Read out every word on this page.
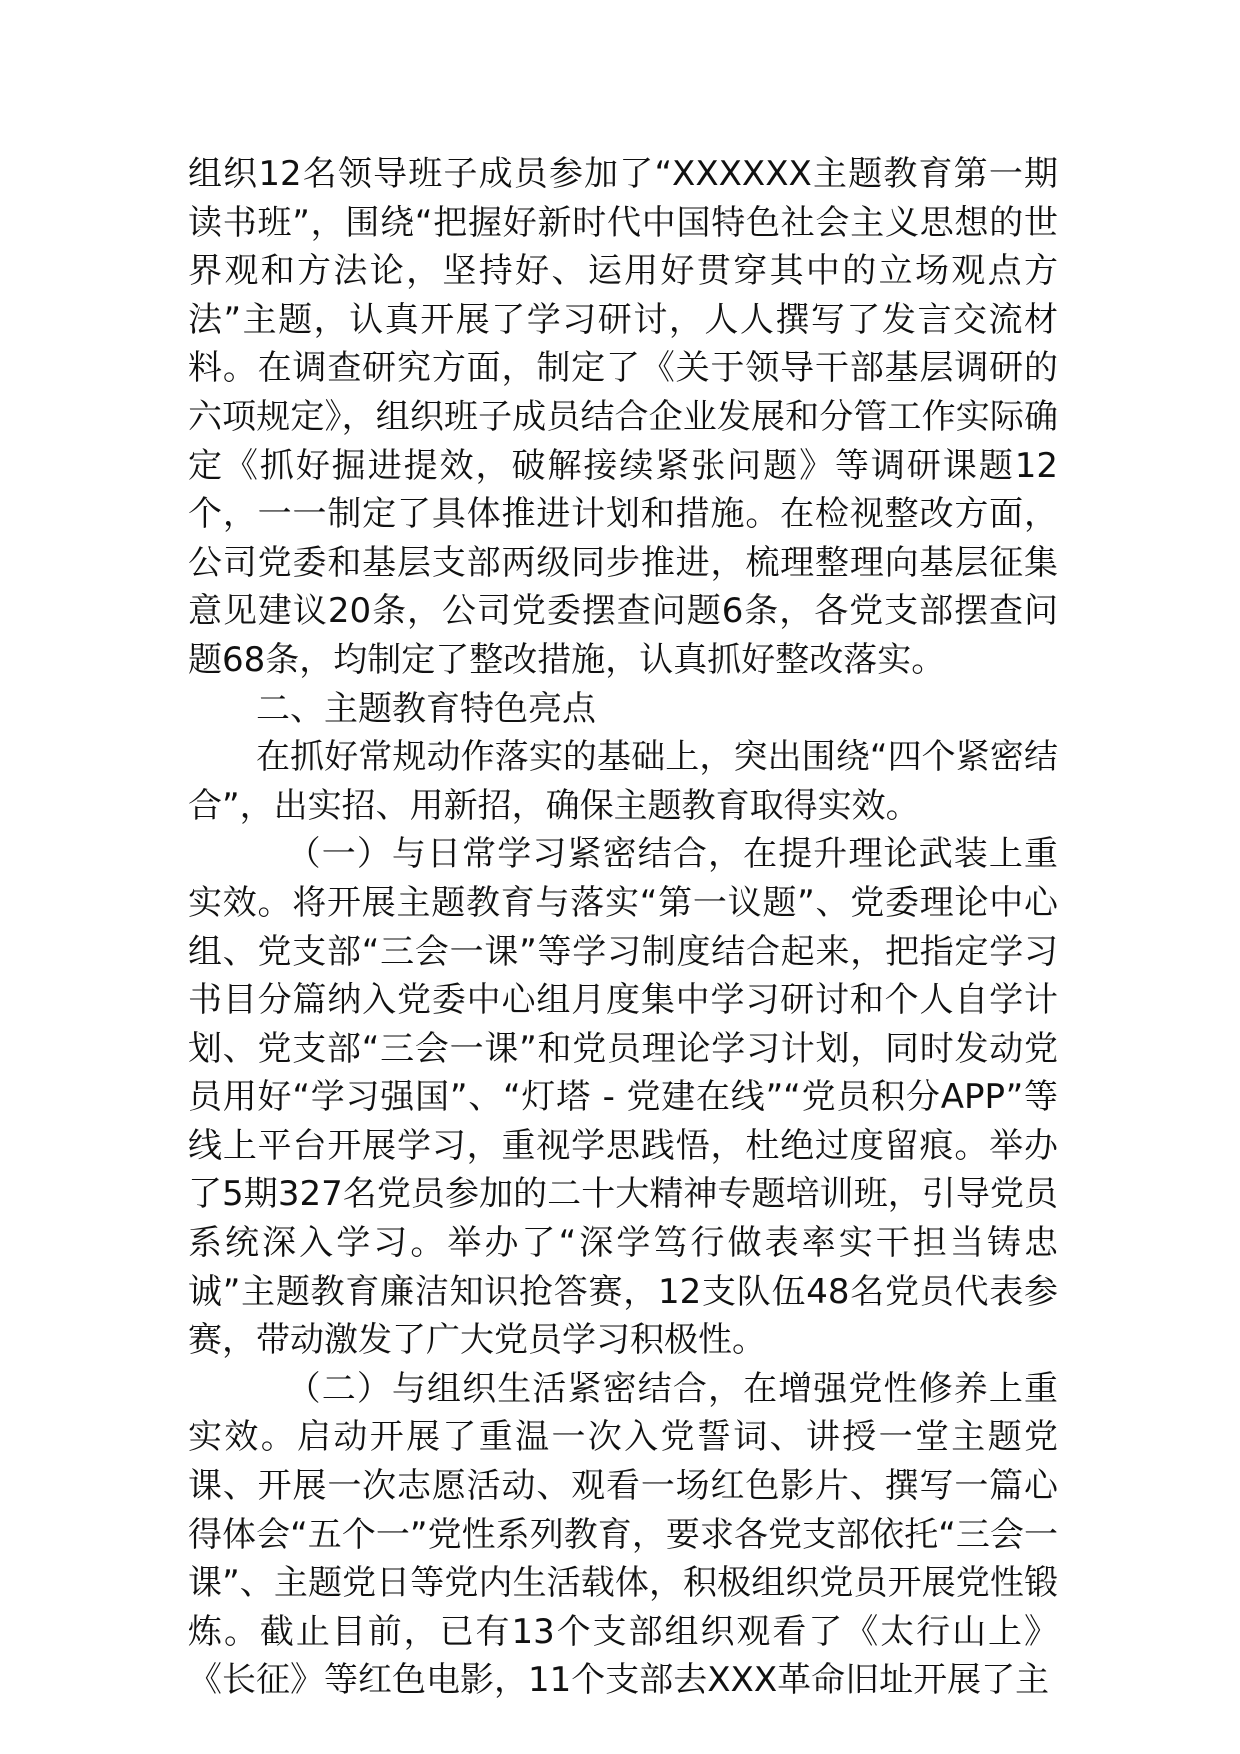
组织12名领导班子成员参加了“XXXXXX主题教育第一期读书班”，围绕“把握好新时代中国特色社会主义思想的世界观和方法论，坚持好、运用好贯穿其中的立场观点方法”主题，认真开展了学习研讨，人人撰写了发言交流材料。在调查研究方面，制定了《关于领导干部基层调研的六项规定》，组织班子成员结合企业发展和分管工作实际确定《抓好掘进提效，破解接续紧张问题》等调研课题12个，一一制定了具体推进计划和措施。在检视整改方面，公司党委和基层支部两级同步推进，梳理整理向基层征集意见建议20条，公司党委摆查问题6条，各党支部摆查问题68条，均制定了整改措施，认真抓好整改落实。

二、主题教育特色亮点

在抓好常规动作落实的基础上，突出围绕“四个紧密结合”，出实招、用新招，确保主题教育取得实效。

（一）与日常学习紧密结合，在提升理论武装上重实效。将开展主题教育与落实“第一议题”、党委理论中心组、党支部“三会一课”等学习制度结合起来，把指定学习书目分篇纳入党委中心组月度集中学习研讨和个人自学计划、党支部“三会一课”和党员理论学习计划，同时发动党员用好“学习强国”、“灯塔 - 党建在线”“党员积分APP”等线上平台开展学习，重视学思践悟，杜绝过度留痕。举办了5期327名党员参加的二十大精神专题培训班，引导党员系统深入学习。举办了“深学笃行做表率实干担当铸忠诚”主题教育廉洁知识抢答赛，12支队伍48名党员代表参赛，带动激发了广大党员学习积极性。

（二）与组织生活紧密结合，在增强党性修养上重实效。启动开展了重温一次入党誓词、讲授一堂主题党课、开展一次志愿活动、观看一场红色影片、撰写一篇心得体会“五个一”党性系列教育，要求各党支部依托“三会一课”、主题党日等党内生活载体，积极组织党员开展党性锻炼。截止目前，已有13个支部组织观看了《太行山上》《长征》等红色电影，11个支部去XXX革命旧址开展了主
